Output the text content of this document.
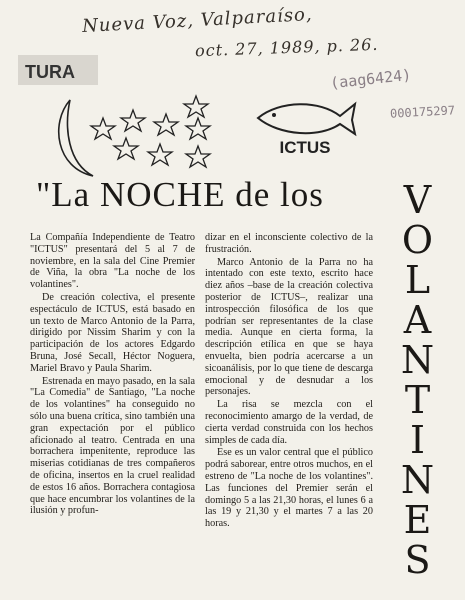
Nueva Voz, Valparaíso,
oct. 27, 1989, p. 26.
(aag6424)
000175297
TURA
ICTUS
"La NOCHE de los V
O
L
A
N
T
I
N
E
S

La Compañía Independiente de Teatro "ICTUS" presentará del 5 al 7 de noviembre, en la sala del Cine Premier de Viña, la obra "La noche de los volantines".

De creación colectiva, el presente espectáculo de ICTUS, está basado en un texto de Marco Antonio de la Parra, dirigido por Nissim Sharim y con la participación de los actores Edgardo Bruna, José Secall, Héctor Noguera, Mariel Bravo y Paula Sharim.

Estrenada en mayo pasado, en la sala "La Comedia" de Santiago, "La noche de los volantines" ha conseguido no sólo una buena crítica, sino también una gran expectación por el público aficionado al teatro. Centrada en una borrachera impenitente, reproduce las miserias cotidianas de tres compañeros de oficina, insertos en la cruel realidad de estos 16 años. Borrachera contagiosa que hace encumbrar los volantines de la ilusión y profun-

dizar en el inconsciente colectivo de la frustración.

Marco Antonio de la Parra no ha intentado con este texto, escrito hace diez años –base de la creación colectiva posterior de ICTUS–, realizar una introspección filosófica de los que podrían ser representantes de la clase media. Aunque en cierta forma, la descripción etílica en que se haya envuelta, bien podría acercarse a un sicoanálisis, por lo que tiene de descarga emocional y de desnudar a los personajes.

La risa se mezcla con el reconocimiento amargo de la verdad, de cierta verdad construida con los hechos simples de cada día.

Ese es un valor central que el público podrá saborear, entre otros muchos, en el estreno de "La noche de los volantines". Las funciones del Premier serán el domingo 5 a las 21,30 horas, el lunes 6 a las 19 y 21,30 y el martes 7 a las 20 horas.
